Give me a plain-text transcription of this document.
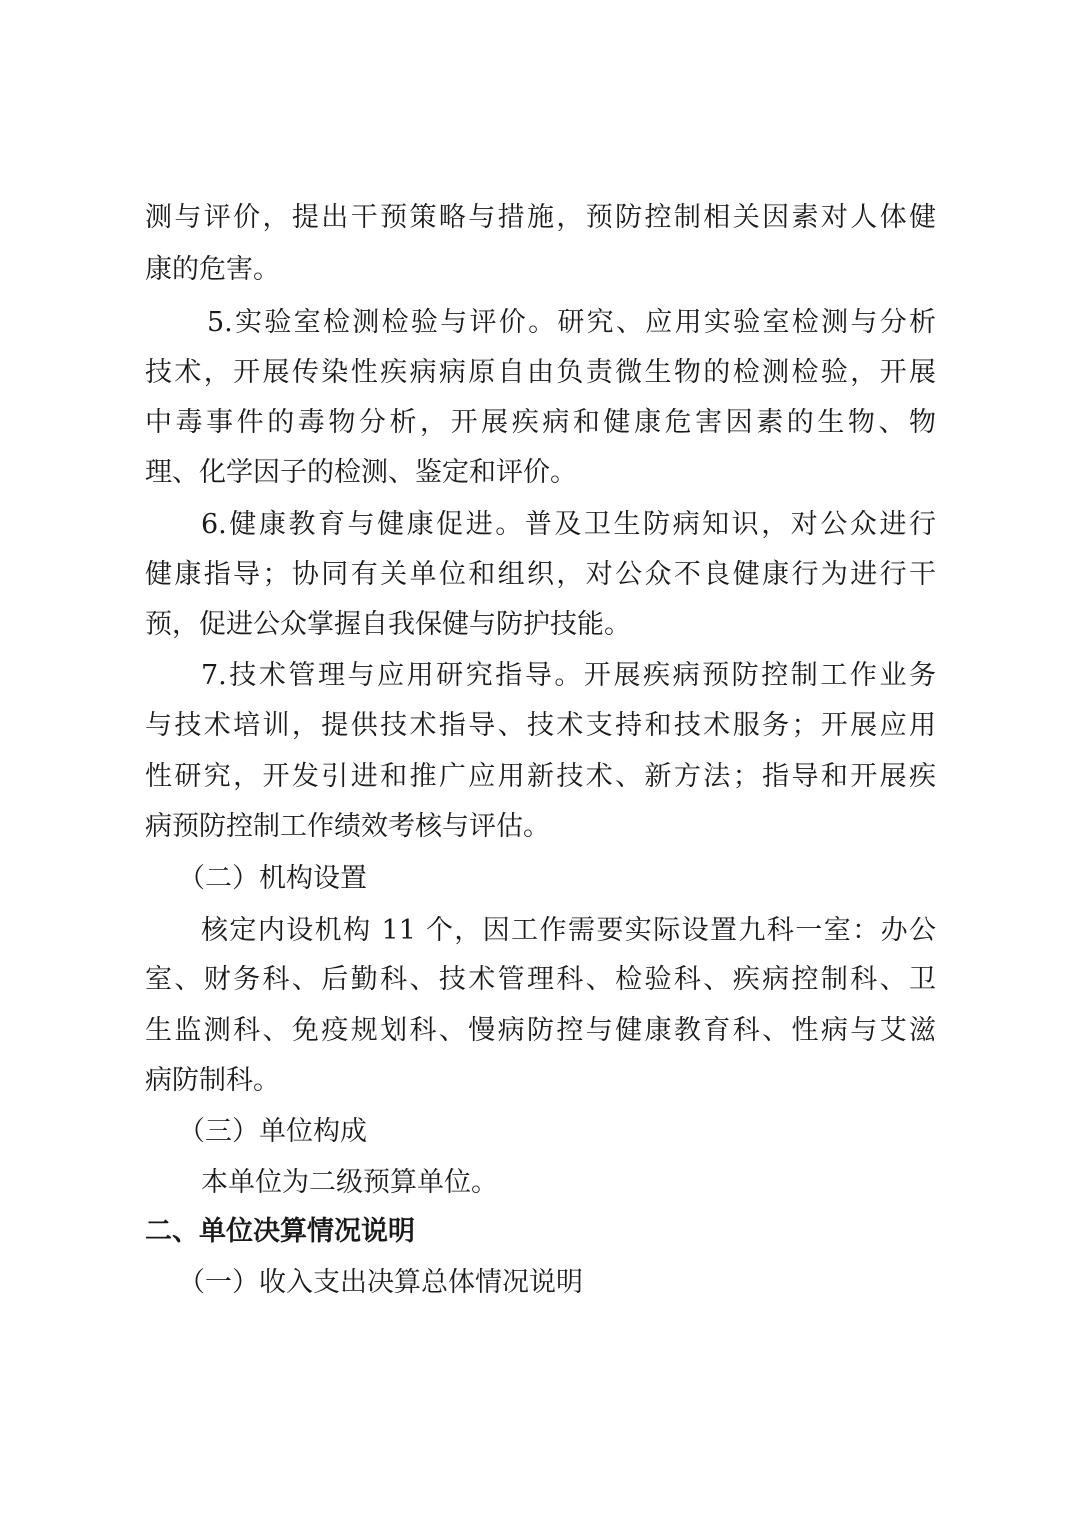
测与评价，提出干预策略与措施，预防控制相关因素对人体健
康的危害。
5.实验室检测检验与评价。研究、应用实验室检测与分析
技术，开展传染性疾病病原自由负责微生物的检测检验，开展
中毒事件的毒物分析，开展疾病和健康危害因素的生物、物
理、化学因子的检测、鉴定和评价。
6.健康教育与健康促进。普及卫生防病知识，对公众进行
健康指导；协同有关单位和组织，对公众不良健康行为进行干
预，促进公众掌握自我保健与防护技能。
7.技术管理与应用研究指导。开展疾病预防控制工作业务
与技术培训，提供技术指导、技术支持和技术服务；开展应用
性研究，开发引进和推广应用新技术、新方法；指导和开展疾
病预防控制工作绩效考核与评估。
（二）机构设置
核定内设机构 11 个，因工作需要实际设置九科一室：办公
室、财务科、后勤科、技术管理科、检验科、疾病控制科、卫
生监测科、免疫规划科、慢病防控与健康教育科、性病与艾滋
病防制科。
（三）单位构成
本单位为二级预算单位。
二、单位决算情况说明
（一）收入支出决算总体情况说明
